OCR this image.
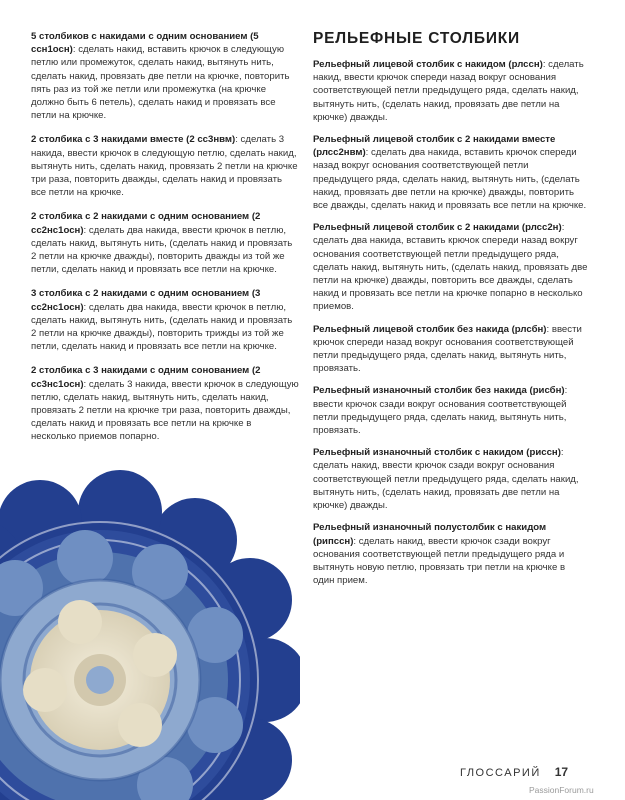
5 столбиков с накидами с одним основанием (5 ссн1осн): сделать накид, вставить крючок в следующую петлю или промежуток, сделать накид, вытянуть нить, сделать накид, провязать две петли на крючке, повторить пять раз из той же петли или промежутка (на крючке должно быть 6 петель), сделать накид и провязать все петли на крючке.

2 столбика с 3 накидами вместе (2 сс3нвм): сделать 3 накида, ввести крючок в следующую петлю, сделать накид, вытянуть нить, сделать накид, провязать 2 петли на крючке три раза, повторить дважды, сделать накид и провязать все петли на крючке.

2 столбика с 2 накидами с одним основанием (2 сс2нс1осн): сделать два накида, ввести крючок в петлю, сделать накид, вытянуть нить, (сделать накид и провязать 2 петли на крючке дважды), повторить дважды из той же петли, сделать накид и провязать все петли на крючке.

3 столбика с 2 накидами с одним основанием (3 сс2нс1осн): сделать два накида, ввести крючок в петлю, сделать накид, вытянуть нить, (сделать накид и провязать 2 петли на крючке дважды), повторить трижды из той же петли, сделать накид и провязать все петли на крючке.

2 столбика с 3 накидами с одним сонованием (2 сс3нс1осн): сделать 3 накида, ввести крючок в следующую петлю, сделать накид, вытянуть нить, сделать накид, провязать 2 петли на крючке три раза, повторить дважды, сделать накид и провязать все петли на крючке в несколько приемов попарно.

РЕЛЬЕФНЫЕ СТОЛБИКИ

Рельефный лицевой столбик с накидом (рлссн): сделать накид, ввести крючок спереди назад вокруг основания соответствующей петли предыдущего ряда, сделать накид, вытянуть нить, (сделать накид, провязать две петли на крючке) дважды.

Рельефный лицевой столбик с 2 накидами вместе (рлсс2нвм): сделать два накида, вставить крючок спереди назад вокруг основания соответствующей петли предыдущего ряда, сделать накид, вытянуть нить, (сделать накид, провязать две петли на крючке) дважды, повторить все дважды, сделать накид и провязать все петли на крючке.

Рельефный лицевой столбик с 2 накидами (рлсс2н): сделать два накида, вставить крючок спереди назад вокруг основания соответствующей петли предыдущего ряда, сделать накид, вытянуть нить, (сделать накид, провязать две петли на крючке) дважды, повторить все дважды, сделать накид и провязать все петли на крючке попарно в несколько приемов.

Рельефный лицевой столбик без накида (рлсбн): ввести крючок спереди назад вокруг основания соответствующей петли предыдущего ряда, сделать накид, вытянуть нить, провязать.

Рельефный изнаночный столбик без накида (рисбн): ввести крючок сзади вокруг основания соответствующей петли предыдущего ряда, сделать накид, вытянуть нить, провязать.

Рельефный изнаночный столбик с накидом (риссн): сделать накид, ввести крючок сзади вокруг основания соответствующей петли предыдущего ряда, сделать накид, вытянуть нить, (сделать накид, провязать две петли на крючке) дважды.

Рельефный изнаночный полустолбик с накидом (рипссн): сделать накид, ввести крючок сзади вокруг основания соответствующей петли предыдущего ряда и вытянуть новую петлю, провязать три петли на крючке в один прием.

ГЛОССАРИЙ 17
PassionForum.ru
